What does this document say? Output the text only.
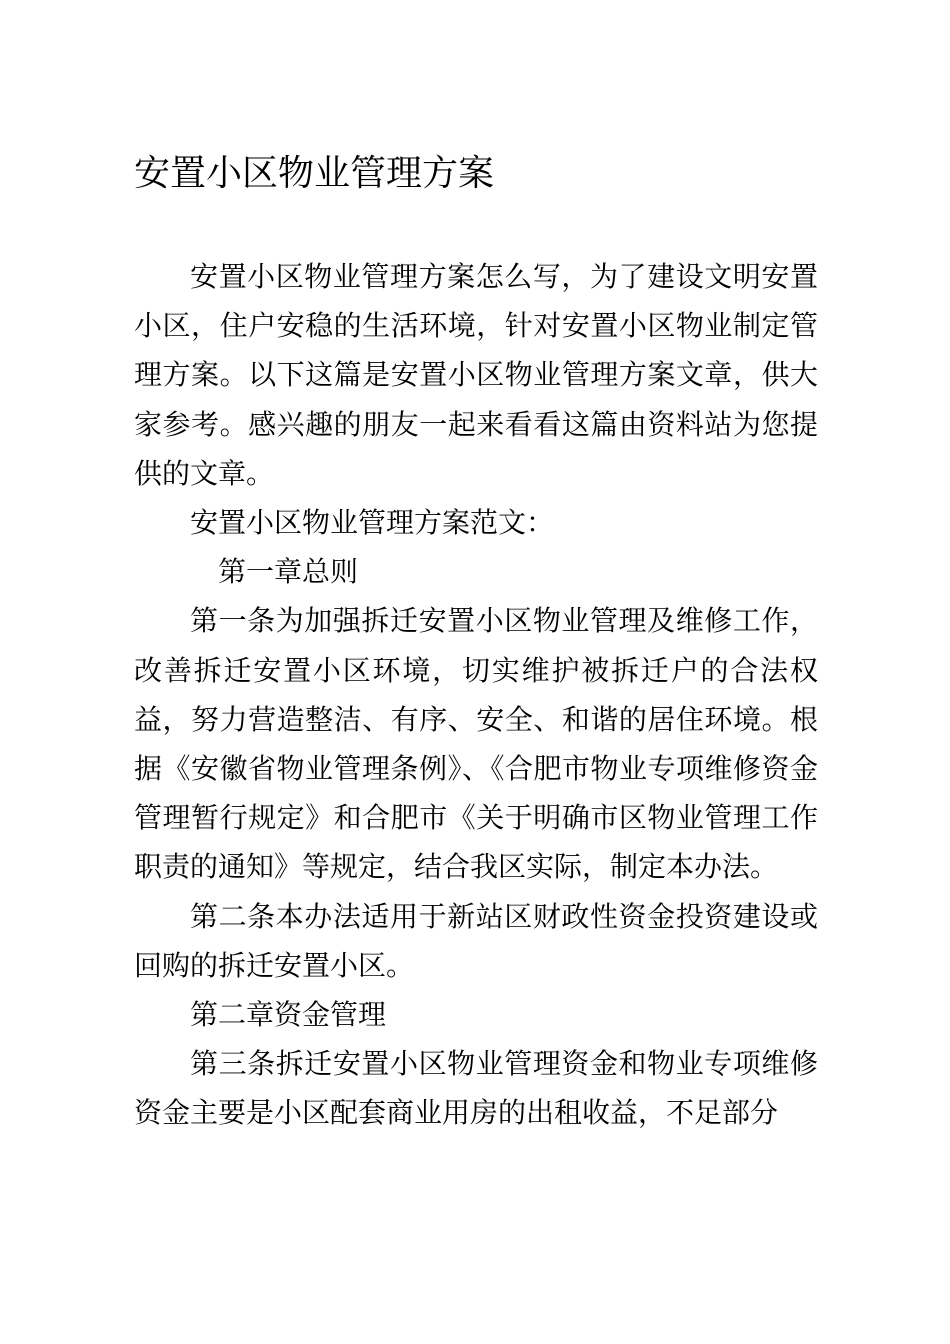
安置小区物业管理方案

安置小区物业管理方案怎么写，为了建设文明安置小区，住户安稳的生活环境，针对安置小区物业制定管理方案。以下这篇是安置小区物业管理方案文章，供大家参考。感兴趣的朋友一起来看看这篇由资料站为您提供的文章。

安置小区物业管理方案范文：

第一章总则

第一条为加强拆迁安置小区物业管理及维修工作，改善拆迁安置小区环境，切实维护被拆迁户的合法权益，努力营造整洁、有序、安全、和谐的居住环境。根据《安徽省物业管理条例》、《合肥市物业专项维修资金管理暂行规定》和合肥市《关于明确市区物业管理工作职责的通知》等规定，结合我区实际，制定本办法。

第二条本办法适用于新站区财政性资金投资建设或回购的拆迁安置小区。

第二章资金管理

第三条拆迁安置小区物业管理资金和物业专项维修资金主要是小区配套商业用房的出租收益，不足部分
